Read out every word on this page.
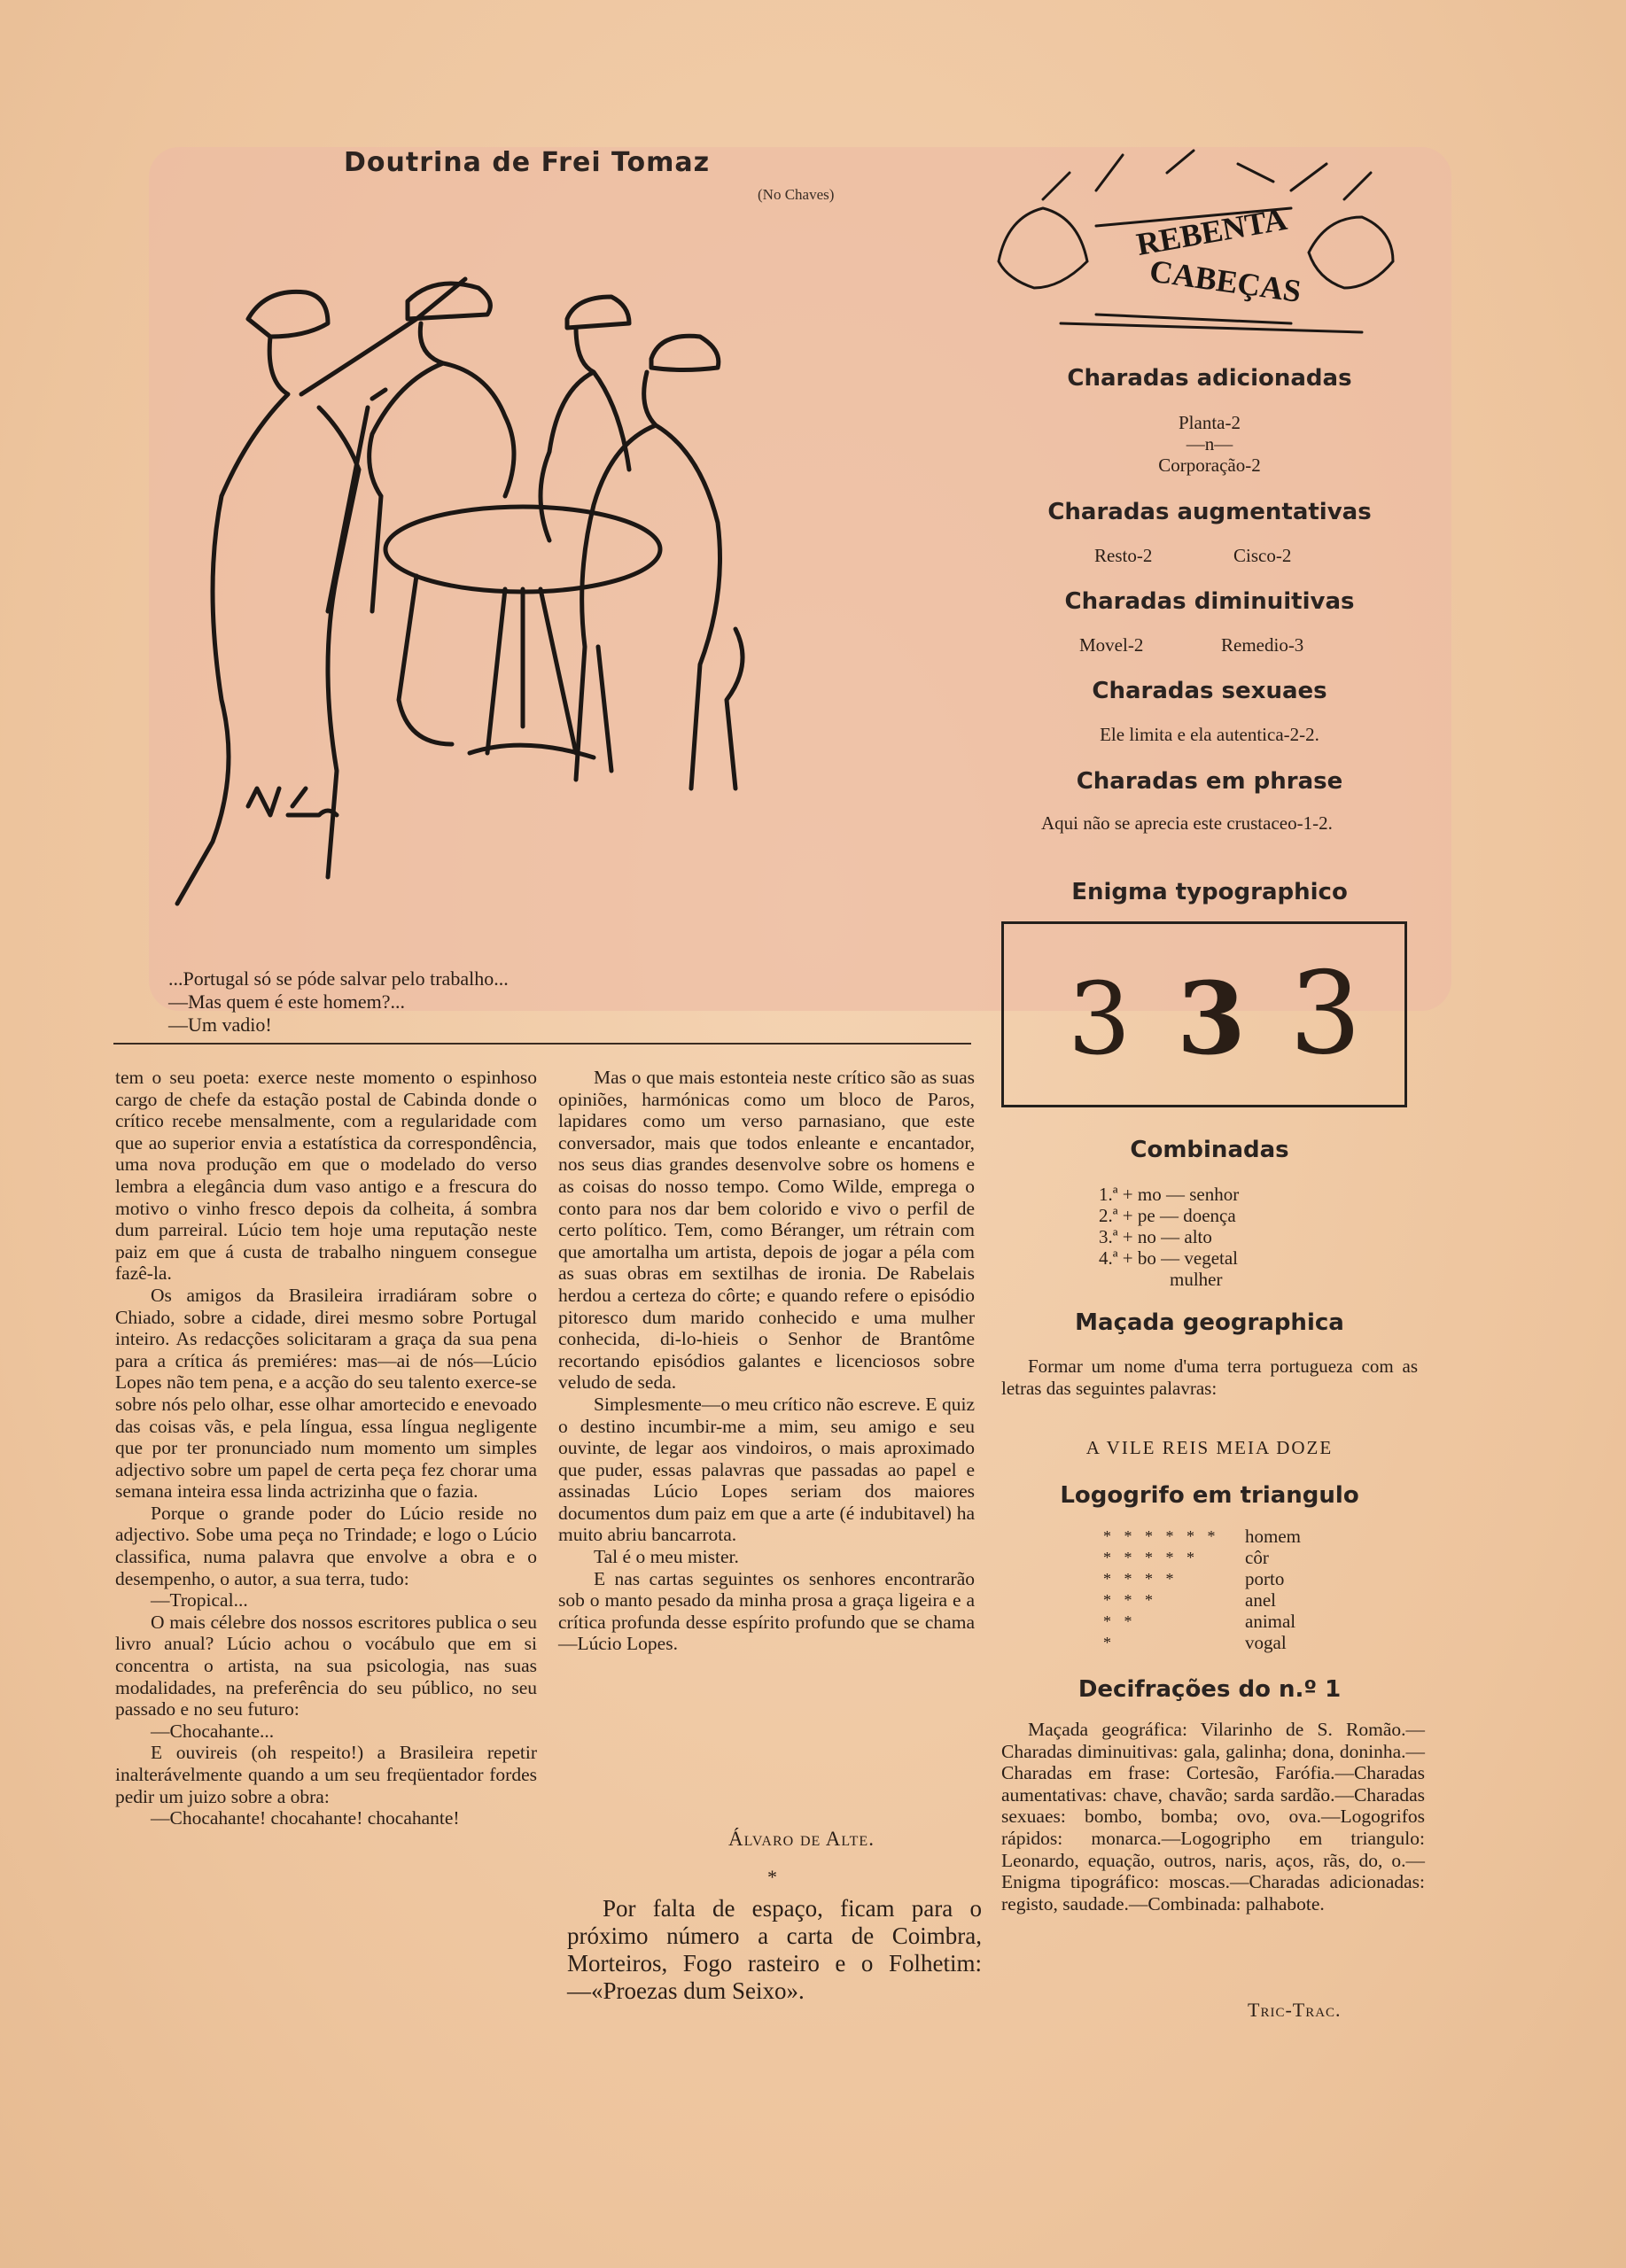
Doutrina de Frei Tomaz
(No Chaves)
...Portugal só se póde salvar pelo trabalho...
—Mas quem é este homem?...
—Um vadio!
REBENTA
CABEÇAS
Charadas adicionadas
Planta-2
—n—
Corporação-2
Charadas augmentativas
Resto-2	Cisco-2
Charadas diminuitivas
Movel-2	Remedio-3
Charadas sexuaes
Ele limita e ela autentica-2-2.
Charadas em phrase
Aqui não se aprecia este crustaceo-1-2.
Enigma typographico
3 3 3
Combinadas
1.ª + mo — senhor
2.ª + pe — doença
3.ª + no — alto
4.ª + bo — vegetal
mulher
Maçada geographica
Formar um nome d'uma terra portugueza com as letras das seguintes palavras:
A VILE REIS MEIA DOZE
Logogrifo em triangulo
* * * * * *	homem
* * * * *	côr
* * * *	porto
* * *	anel
* *	animal
*	vogal
Decifrações do n.º 1

Maçada geográfica: Vilarinho de S. Romão.—Charadas diminuitivas: gala, galinha; dona, doninha.—Charadas em frase: Cortesão, Farófia.—Charadas aumentativas: chave, chavão; sarda sardão.—Charadas sexuaes: bombo, bomba; ovo, ova.—Logogrifos rápidos: monarca.—Logogripho em triangulo: Leonardo, equação, outros, naris, aços, rãs, do, o.—Enigma tipográfico: moscas.—Charadas adicionadas: registo, saudade.—Combinada: palhabote.

Tric-Trac.

tem o seu poeta: exerce neste momento o espinhoso cargo de chefe da estação postal de Cabinda donde o crítico recebe mensalmente, com a regularidade com que ao superior envia a estatística da correspondência, uma nova produção em que o modelado do verso lembra a elegância dum vaso antigo e a frescura do motivo o vinho fresco depois da colheita, á sombra dum parreiral. Lúcio tem hoje uma reputação neste paiz em que á custa de trabalho ninguem consegue fazê-la.

Os amigos da Brasileira irradiáram sobre o Chiado, sobre a cidade, direi mesmo sobre Portugal inteiro. As redacções solicitaram a graça da sua pena para a crítica ás premiéres: mas—ai de nós—Lúcio Lopes não tem pena, e a acção do seu talento exerce-se sobre nós pelo olhar, esse olhar amortecido e enevoado das coisas vãs, e pela língua, essa língua negligente que por ter pronunciado num momento um simples adjectivo sobre um papel de certa peça fez chorar uma semana inteira essa linda actrizinha que o fazia.

Porque o grande poder do Lúcio reside no adjectivo. Sobe uma peça no Trindade; e logo o Lúcio classifica, numa palavra que envolve a obra e o desempenho, o autor, a sua terra, tudo:

—Tropical...

O mais célebre dos nossos escritores publica o seu livro anual? Lúcio achou o vocábulo que em si concentra o artista, na sua psicologia, nas suas modalidades, na preferência do seu público, no seu passado e no seu futuro:

—Chocahante...

E ouvireis (oh respeito!) a Brasileira repetir inalterávelmente quando a um seu freqüentador fordes pedir um juizo sobre a obra:

—Chocahante! chocahante! chocahante!

Mas o que mais estonteia neste crítico são as suas opiniões, harmónicas como um bloco de Paros, lapidares como um verso parnasiano, que este conversador, mais que todos enleante e encantador, nos seus dias grandes desenvolve sobre os homens e as coisas do nosso tempo. Como Wilde, emprega o conto para nos dar bem colorido e vivo o perfil de certo político. Tem, como Béranger, um rétrain com que amortalha um artista, depois de jogar a péla com as suas obras em sextilhas de ironia. De Rabelais herdou a certeza do côrte; e quando refere o episódio pitoresco dum marido conhecido e uma mulher conhecida, di-lo-hieis o Senhor de Brantôme recortando episódios galantes e licenciosos sobre veludo de seda.

Simplesmente—o meu crítico não escreve. E quiz o destino incumbir-me a mim, seu amigo e seu ouvinte, de legar aos vindoiros, o mais aproximado que puder, essas palavras que passadas ao papel e assinadas Lúcio Lopes seriam dos maiores documentos dum paiz em que a arte (é indubitavel) ha muito abriu bancarrota.

Tal é o meu mister.

E nas cartas seguintes os senhores encontrarão sob o manto pesado da minha prosa a graça ligeira e a crítica profunda desse espírito profundo que se chama—Lúcio Lopes.

Álvaro de Alte.
*
Por falta de espaço, ficam para o próximo número a carta de Coimbra, Morteiros, Fogo rasteiro e o Folhetim:—«Proezas dum Seixo».
